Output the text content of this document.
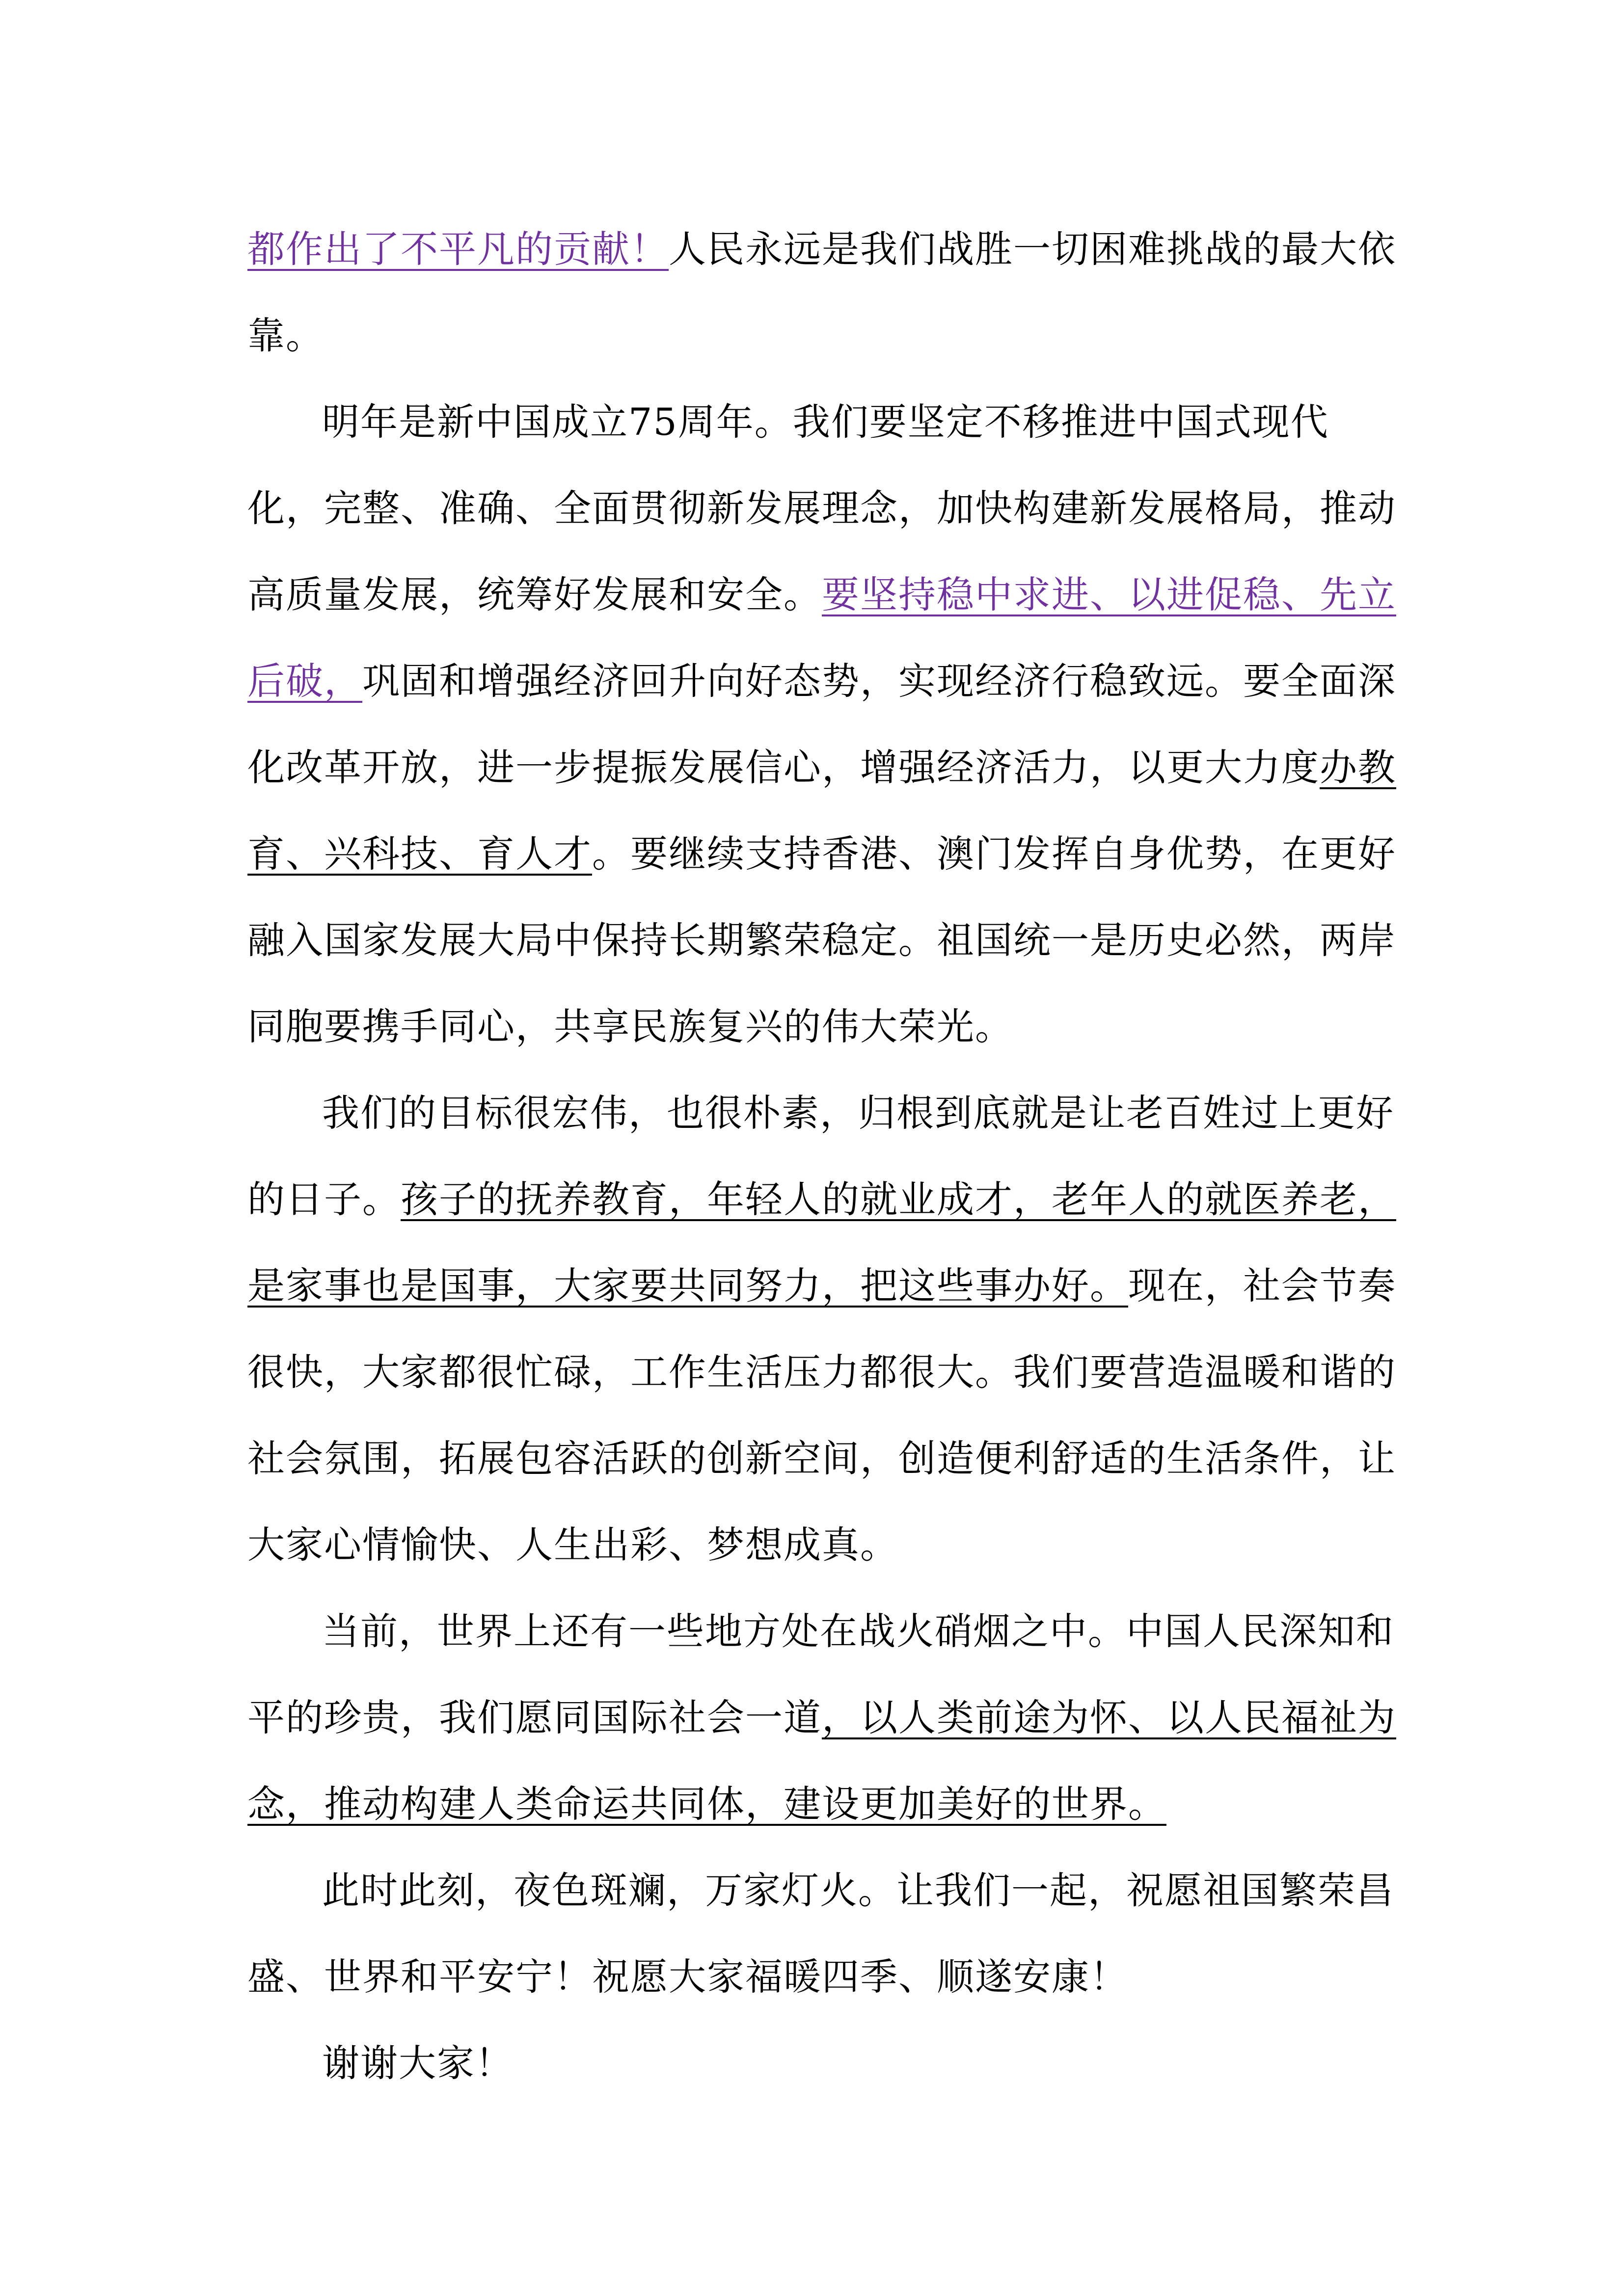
都作出了不平凡的贡献！人民永远是我们战胜一切困难挑战的最大依靠。

明年是新中国成立75周年。我们要坚定不移推进中国式现代化，完整、准确、全面贯彻新发展理念，加快构建新发展格局，推动高质量发展，统筹好发展和安全。要坚持稳中求进、以进促稳、先立后破，巩固和增强经济回升向好态势，实现经济行稳致远。要全面深化改革开放，进一步提振发展信心，增强经济活力，以更大力度办教育、兴科技、育人才。要继续支持香港、澳门发挥自身优势，在更好融入国家发展大局中保持长期繁荣稳定。祖国统一是历史必然，两岸同胞要携手同心，共享民族复兴的伟大荣光。

我们的目标很宏伟，也很朴素，归根到底就是让老百姓过上更好的日子。孩子的抚养教育，年轻人的就业成才，老年人的就医养老，是家事也是国事，大家要共同努力，把这些事办好。现在，社会节奏很快，大家都很忙碌，工作生活压力都很大。我们要营造温暖和谐的社会氛围，拓展包容活跃的创新空间，创造便利舒适的生活条件，让大家心情愉快、人生出彩、梦想成真。

当前，世界上还有一些地方处在战火硝烟之中。中国人民深知和平的珍贵，我们愿同国际社会一道，以人类前途为怀、以人民福祉为念，推动构建人类命运共同体，建设更加美好的世界。

此时此刻，夜色斑斓，万家灯火。让我们一起，祝愿祖国繁荣昌盛、世界和平安宁！祝愿大家福暖四季、顺遂安康！

谢谢大家！
